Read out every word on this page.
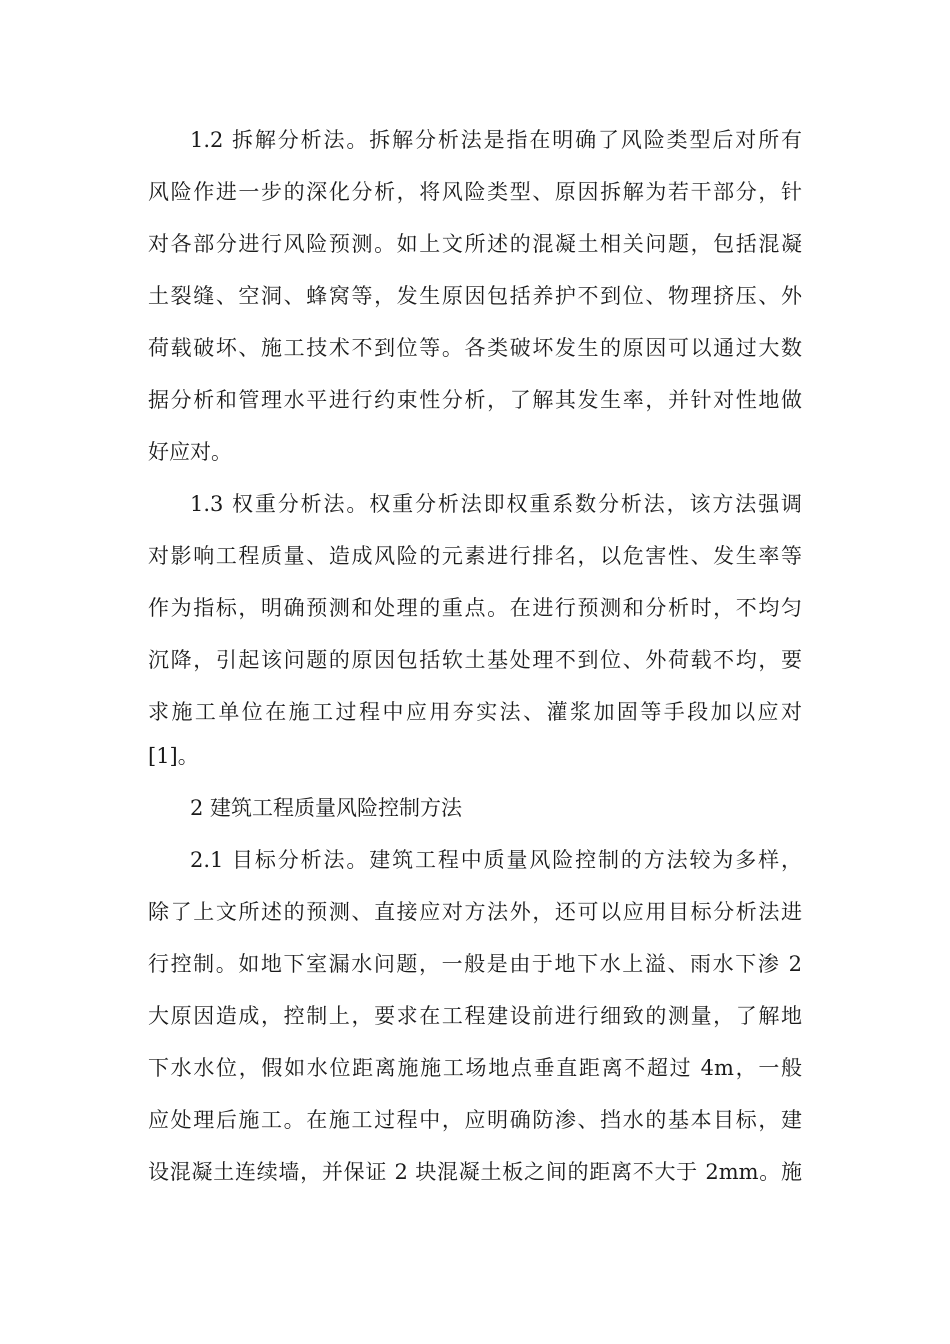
1.2 拆解分析法。拆解分析法是指在明确了风险类型后对所有

风险作进一步的深化分析，将风险类型、原因拆解为若干部分，针

对各部分进行风险预测。如上文所述的混凝土相关问题，包括混凝

土裂缝、空洞、蜂窝等，发生原因包括养护不到位、物理挤压、外

荷载破坏、施工技术不到位等。各类破坏发生的原因可以通过大数

据分析和管理水平进行约束性分析，了解其发生率，并针对性地做

好应对。

1.3 权重分析法。权重分析法即权重系数分析法，该方法强调

对影响工程质量、造成风险的元素进行排名，以危害性、发生率等

作为指标，明确预测和处理的重点。在进行预测和分析时，不均匀

沉降，引起该问题的原因包括软土基处理不到位、外荷载不均，要

求施工单位在施工过程中应用夯实法、灌浆加固等手段加以应对

[1]。

2 建筑工程质量风险控制方法

2.1 目标分析法。建筑工程中质量风险控制的方法较为多样，

除了上文所述的预测、直接应对方法外，还可以应用目标分析法进

行控制。如地下室漏水问题，一般是由于地下水上溢、雨水下渗 2

大原因造成，控制上，要求在工程建设前进行细致的测量，了解地

下水水位，假如水位距离施施工场地点垂直距离不超过 4m，一般

应处理后施工。在施工过程中，应明确防渗、挡水的基本目标，建

设混凝土连续墙，并保证 2 块混凝土板之间的距离不大于 2mm。施
